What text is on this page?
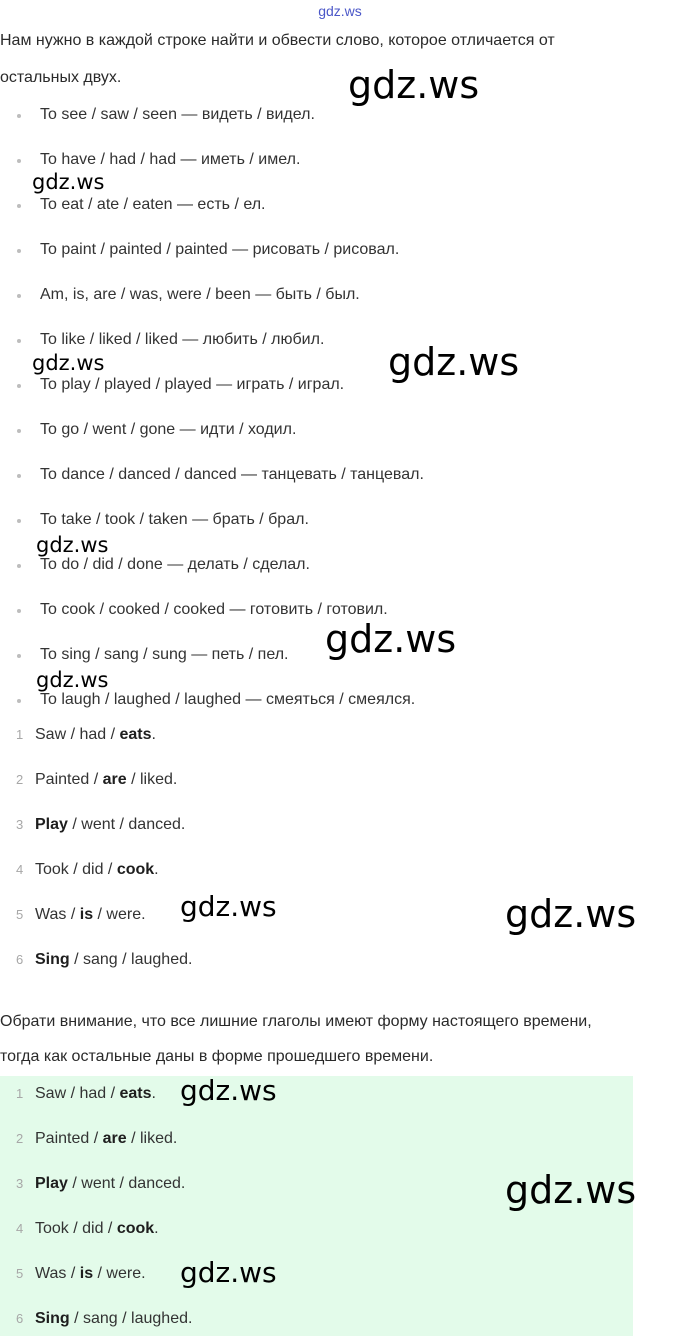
gdz.ws
Нам нужно в каждой строке найти и обвести слово, которое отличается от
остальных двух.
To see / saw / seen — видеть / видел.
To have / had / had — иметь / имел.
To eat / ate / eaten — есть / ел.
To paint / painted / painted — рисовать / рисовал.
Am, is, are / was, were / been — быть / был.
To like / liked / liked — любить / любил.
To play / played / played — играть / играл.
To go / went / gone — идти / ходил.
To dance / danced / danced — танцевать / танцевал.
To take / took / taken — брать / брал.
To do / did / done — делать / сделал.
To cook / cooked / cooked — готовить / готовил.
To sing / sang / sung — петь / пел.
To laugh / laughed / laughed — смеяться / смеялся.
1 Saw / had / eats.
2 Painted / are / liked.
3 Play / went / danced.
4 Took / did / cook.
5 Was / is / were.
6 Sing / sang / laughed.
Обрати внимание, что все лишние глаголы имеют форму настоящего времени,
тогда как остальные даны в форме прошедшего времени.
1 Saw / had / eats.
2 Painted / are / liked.
3 Play / went / danced.
4 Took / did / cook.
5 Was / is / were.
6 Sing / sang / laughed.
gdz.ws
gdz.ws
gdz.ws
gdz.ws
gdz.ws
gdz.ws
gdz.ws
gdz.ws	gdz.ws
gdz.ws
gdz.ws
gdz.ws
